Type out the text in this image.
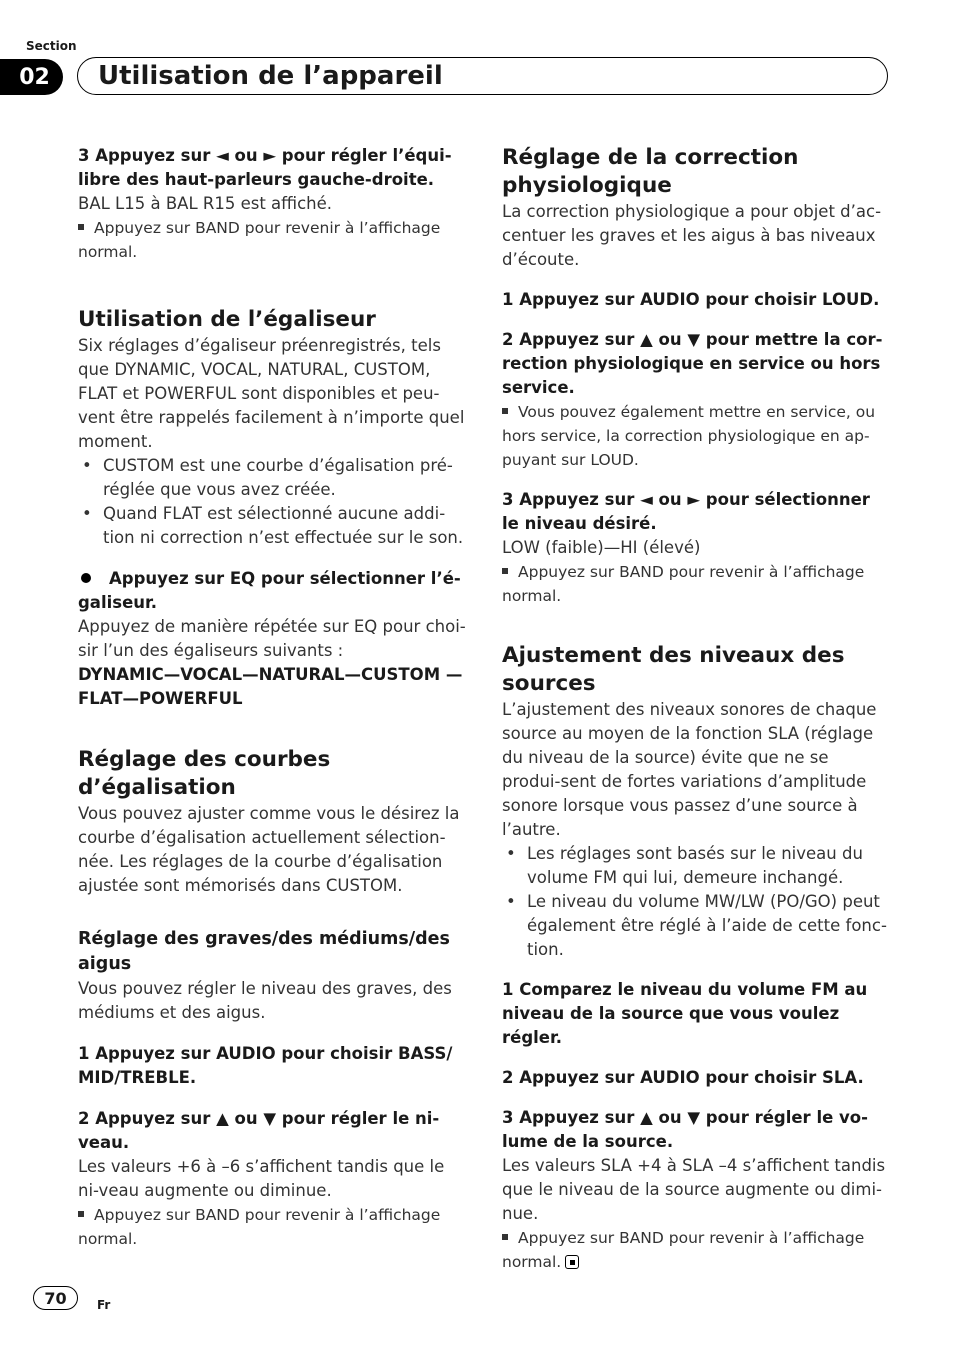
Section
02	Utilisation de l’appareil

3 Appuyez sur ◄ ou ► pour régler l’équi-libre des haut-parleurs gauche-droite.

BAL L15 à BAL R15 est affiché.

Appuyez sur BAND pour revenir à l’affichage normal.

Utilisation de l’égaliseur

Six réglages d’égaliseur préenregistrés, tels que DYNAMIC, VOCAL, NATURAL, CUSTOM, FLAT et POWERFUL sont disponibles et peu-vent être rappelés facilement à n’importe quel moment.

• CUSTOM est une courbe d’égalisation pré-réglée que vous avez créée.
• Quand FLAT est sélectionné aucune addi-tion ni correction n’est effectuée sur le son.

Appuyez sur EQ pour sélectionner l’é-galiseur.

Appuyez de manière répétée sur EQ pour choi-sir l’un des égaliseurs suivants :

DYNAMIC—VOCAL—NATURAL—CUSTOM —FLAT—POWERFUL

Réglage des courbes d’égalisation

Vous pouvez ajuster comme vous le désirez la courbe d’égalisation actuellement sélection-née. Les réglages de la courbe d’égalisation ajustée sont mémorisés dans CUSTOM.

Réglage des graves/des médiums/des aigus

Vous pouvez régler le niveau des graves, des médiums et des aigus.

1 Appuyez sur AUDIO pour choisir BASS/ MID/TREBLE.

2 Appuyez sur ▲ ou ▼ pour régler le ni-veau.

Les valeurs +6 à –6 s’affichent tandis que le ni-veau augmente ou diminue.

Appuyez sur BAND pour revenir à l’affichage normal.

Réglage de la correction physiologique

La correction physiologique a pour objet d’ac-centuer les graves et les aigus à bas niveaux d’écoute.

1 Appuyez sur AUDIO pour choisir LOUD.

2 Appuyez sur ▲ ou ▼ pour mettre la cor-rection physiologique en service ou hors service.

Vous pouvez également mettre en service, ou hors service, la correction physiologique en ap-puyant sur LOUD.

3 Appuyez sur ◄ ou ► pour sélectionner le niveau désiré.

LOW (faible)—HI (élevé)

Appuyez sur BAND pour revenir à l’affichage normal.

Ajustement des niveaux des sources

L’ajustement des niveaux sonores de chaque source au moyen de la fonction SLA (réglage du niveau de la source) évite que ne se produi-sent de fortes variations d’amplitude sonore lorsque vous passez d’une source à l’autre.

• Les réglages sont basés sur le niveau du volume FM qui lui, demeure inchangé.
• Le niveau du volume MW/LW (PO/GO) peut également être réglé à l’aide de cette fonc-tion.

1 Comparez le niveau du volume FM au niveau de la source que vous voulez régler.

2 Appuyez sur AUDIO pour choisir SLA.

3 Appuyez sur ▲ ou ▼ pour régler le vo-lume de la source.

Les valeurs SLA +4 à SLA –4 s’affichent tandis que le niveau de la source augmente ou dimi-nue.

Appuyez sur BAND pour revenir à l’affichage normal.

70	Fr
